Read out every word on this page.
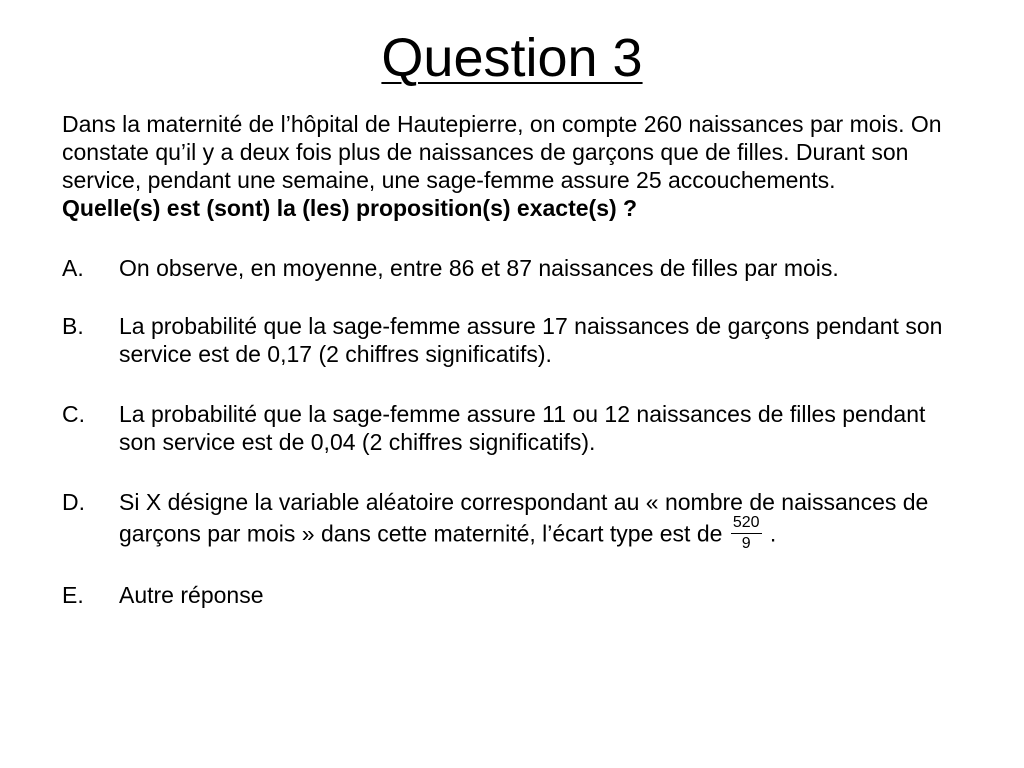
Question 3

Dans la maternité de l’hôpital de Hautepierre, on compte 260 naissances par mois. On constate qu’il y a deux fois plus de naissances de garçons que de filles. Durant son service, pendant une semaine, une sage-femme assure 25 accouchements.

Quelle(s) est (sont) la (les) proposition(s) exacte(s) ?

A. On observe, en moyenne, entre 86 et 87 naissances de filles par mois.
B. La probabilité que la sage-femme assure 17 naissances de garçons pendant son service est de 0,17 (2 chiffres significatifs).
C. La probabilité que la sage-femme assure 11 ou 12 naissances de filles pendant son service est de 0,04 (2 chiffres significatifs).
D. Si X désigne la variable aléatoire correspondant au « nombre de naissances de garçons par mois » dans cette maternité, l’écart type est de $\frac{520}{9}$ .
E. Autre réponse
